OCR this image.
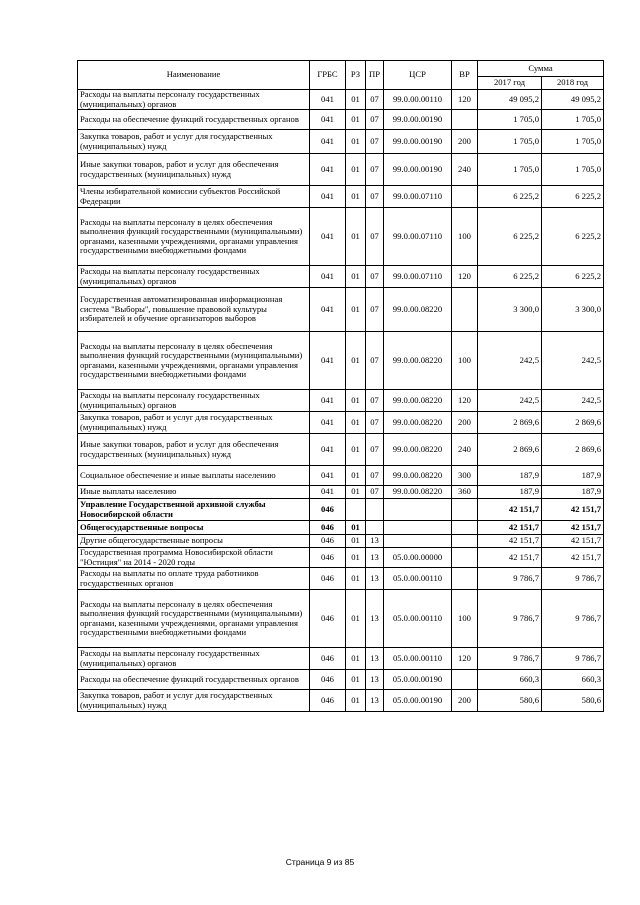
Наименование	ГРБС	РЗ	ПР	ЦСР	ВР	Сумма	
						2017 год	2018 год
Расходы на выплаты персоналу государственных (муниципальных) органов	041	01	07	99.0.00.00110	120	49 095,2	49 095,2
Расходы на обеспечение функций государственных органов	041	01	07	99.0.00.00190		1 705,0	1 705,0
Закупка товаров, работ и услуг для государственных (муниципальных) нужд	041	01	07	99.0.00.00190	200	1 705,0	1 705,0
Иные закупки товаров, работ и услуг для обеспечения государственных (муниципальных) нужд	041	01	07	99.0.00.00190	240	1 705,0	1 705,0
Члены избирательной комиссии субъектов Российской Федерации	041	01	07	99.0.00.07110		6 225,2	6 225,2
Расходы на выплаты персоналу в целях обеспечения выполнения функций государственными (муниципальными) органами, казенными учреждениями, органами управления государственными внебюджетными фондами	041	01	07	99.0.00.07110	100	6 225,2	6 225,2
Расходы на выплаты персоналу государственных (муниципальных) органов	041	01	07	99.0.00.07110	120	6 225,2	6 225,2
Государственная автоматизированная информационная система "Выборы", повышение правовой культуры избирателей и обучение организаторов выборов	041	01	07	99.0.00.08220		3 300,0	3 300,0
Расходы на выплаты персоналу в целях обеспечения выполнения функций государственными (муниципальными) органами, казенными учреждениями, органами управления государственными внебюджетными фондами	041	01	07	99.0.00.08220	100	242,5	242,5
Расходы на выплаты персоналу государственных (муниципальных) органов	041	01	07	99.0.00.08220	120	242,5	242,5
Закупка товаров, работ и услуг для государственных (муниципальных) нужд	041	01	07	99.0.00.08220	200	2 869,6	2 869,6
Иные закупки товаров, работ и услуг для обеспечения государственных (муниципальных) нужд	041	01	07	99.0.00.08220	240	2 869,6	2 869,6
Социальное обеспечение и иные выплаты населению	041	01	07	99.0.00.08220	300	187,9	187,9
Иные выплаты населению	041	01	07	99.0.00.08220	360	187,9	187,9
Управление Государственной архивной службы Новосибирской области	046					42 151,7	42 151,7
Общегосударственные вопросы	046	01				42 151,7	42 151,7
Другие общегосударственные вопросы	046	01	13			42 151,7	42 151,7
Государственная программа Новосибирской области "Юстиция" на 2014 - 2020 годы	046	01	13	05.0.00.00000		42 151,7	42 151,7
Расходы на выплаты по оплате труда работников государственных органов	046	01	13	05.0.00.00110		9 786,7	9 786,7
Расходы на выплаты персоналу в целях обеспечения выполнения функций государственными (муниципальными) органами, казенными учреждениями, органами управления государственными внебюджетными фондами	046	01	13	05.0.00.00110	100	9 786,7	9 786,7
Расходы на выплаты персоналу государственных (муниципальных) органов	046	01	13	05.0.00.00110	120	9 786,7	9 786,7
Расходы на обеспечение функций государственных органов	046	01	13	05.0.00.00190		660,3	660,3
Закупка товаров, работ и услуг для государственных (муниципальных) нужд	046	01	13	05.0.00.00190	200	580,6	580,6
Страница 9 из 85
